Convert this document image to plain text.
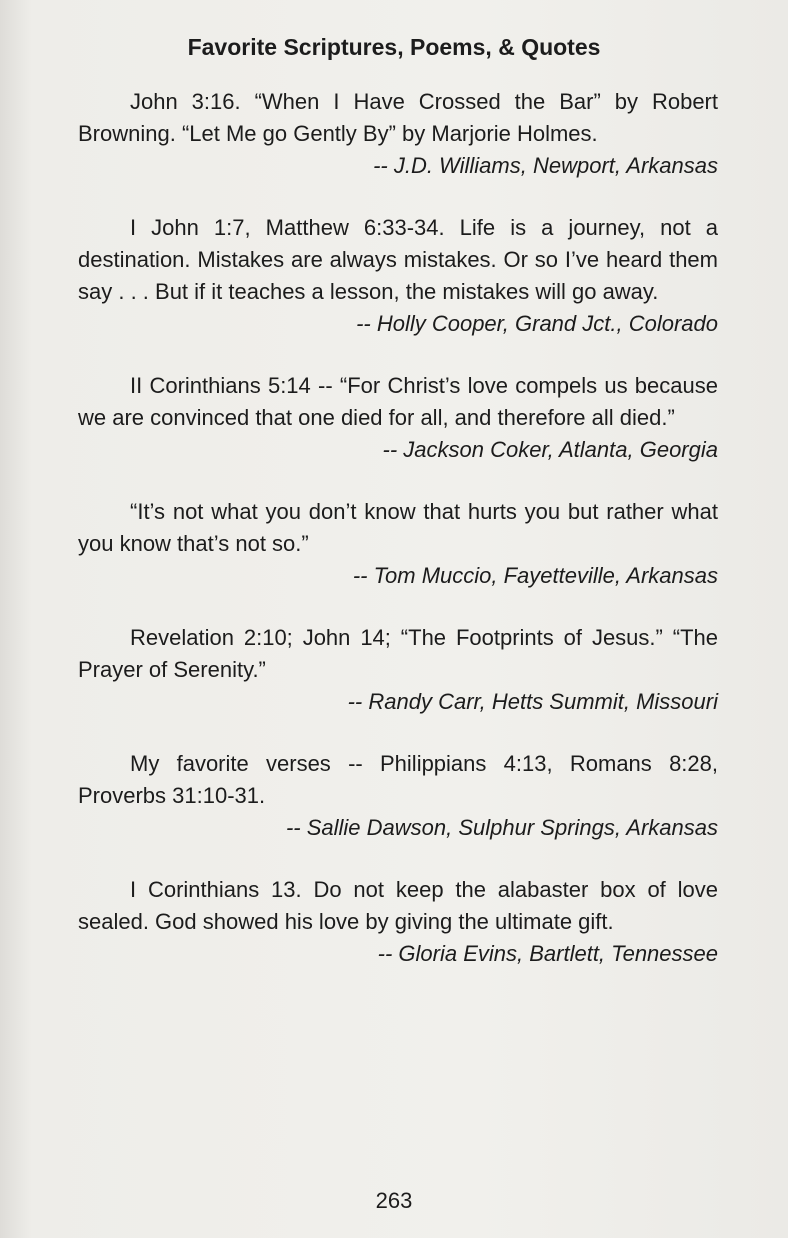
Favorite Scriptures, Poems, & Quotes

John 3:16. “When I Have Crossed the Bar” by Robert Browning. “Let Me go Gently By” by Marjorie Holmes.

-- J.D. Williams, Newport, Arkansas

I John 1:7, Matthew 6:33-34. Life is a journey, not a destination. Mistakes are always mistakes. Or so I’ve heard them say . . . But if it teaches a lesson, the mistakes will go away.

-- Holly Cooper, Grand Jct., Colorado

II Corinthians 5:14 -- “For Christ’s love compels us because we are convinced that one died for all, and therefore all died.”

-- Jackson Coker, Atlanta, Georgia

“It’s not what you don’t know that hurts you but rather what you know that’s not so.”

-- Tom Muccio, Fayetteville, Arkansas

Revelation 2:10; John 14; “The Footprints of Jesus.” “The Prayer of Serenity.”

-- Randy Carr, Hetts Summit, Missouri

My favorite verses -- Philippians 4:13, Romans 8:28, Proverbs 31:10-31.

-- Sallie Dawson, Sulphur Springs, Arkansas

I Corinthians 13. Do not keep the alabaster box of love sealed. God showed his love by giving the ultimate gift.

-- Gloria Evins, Bartlett, Tennessee
263
